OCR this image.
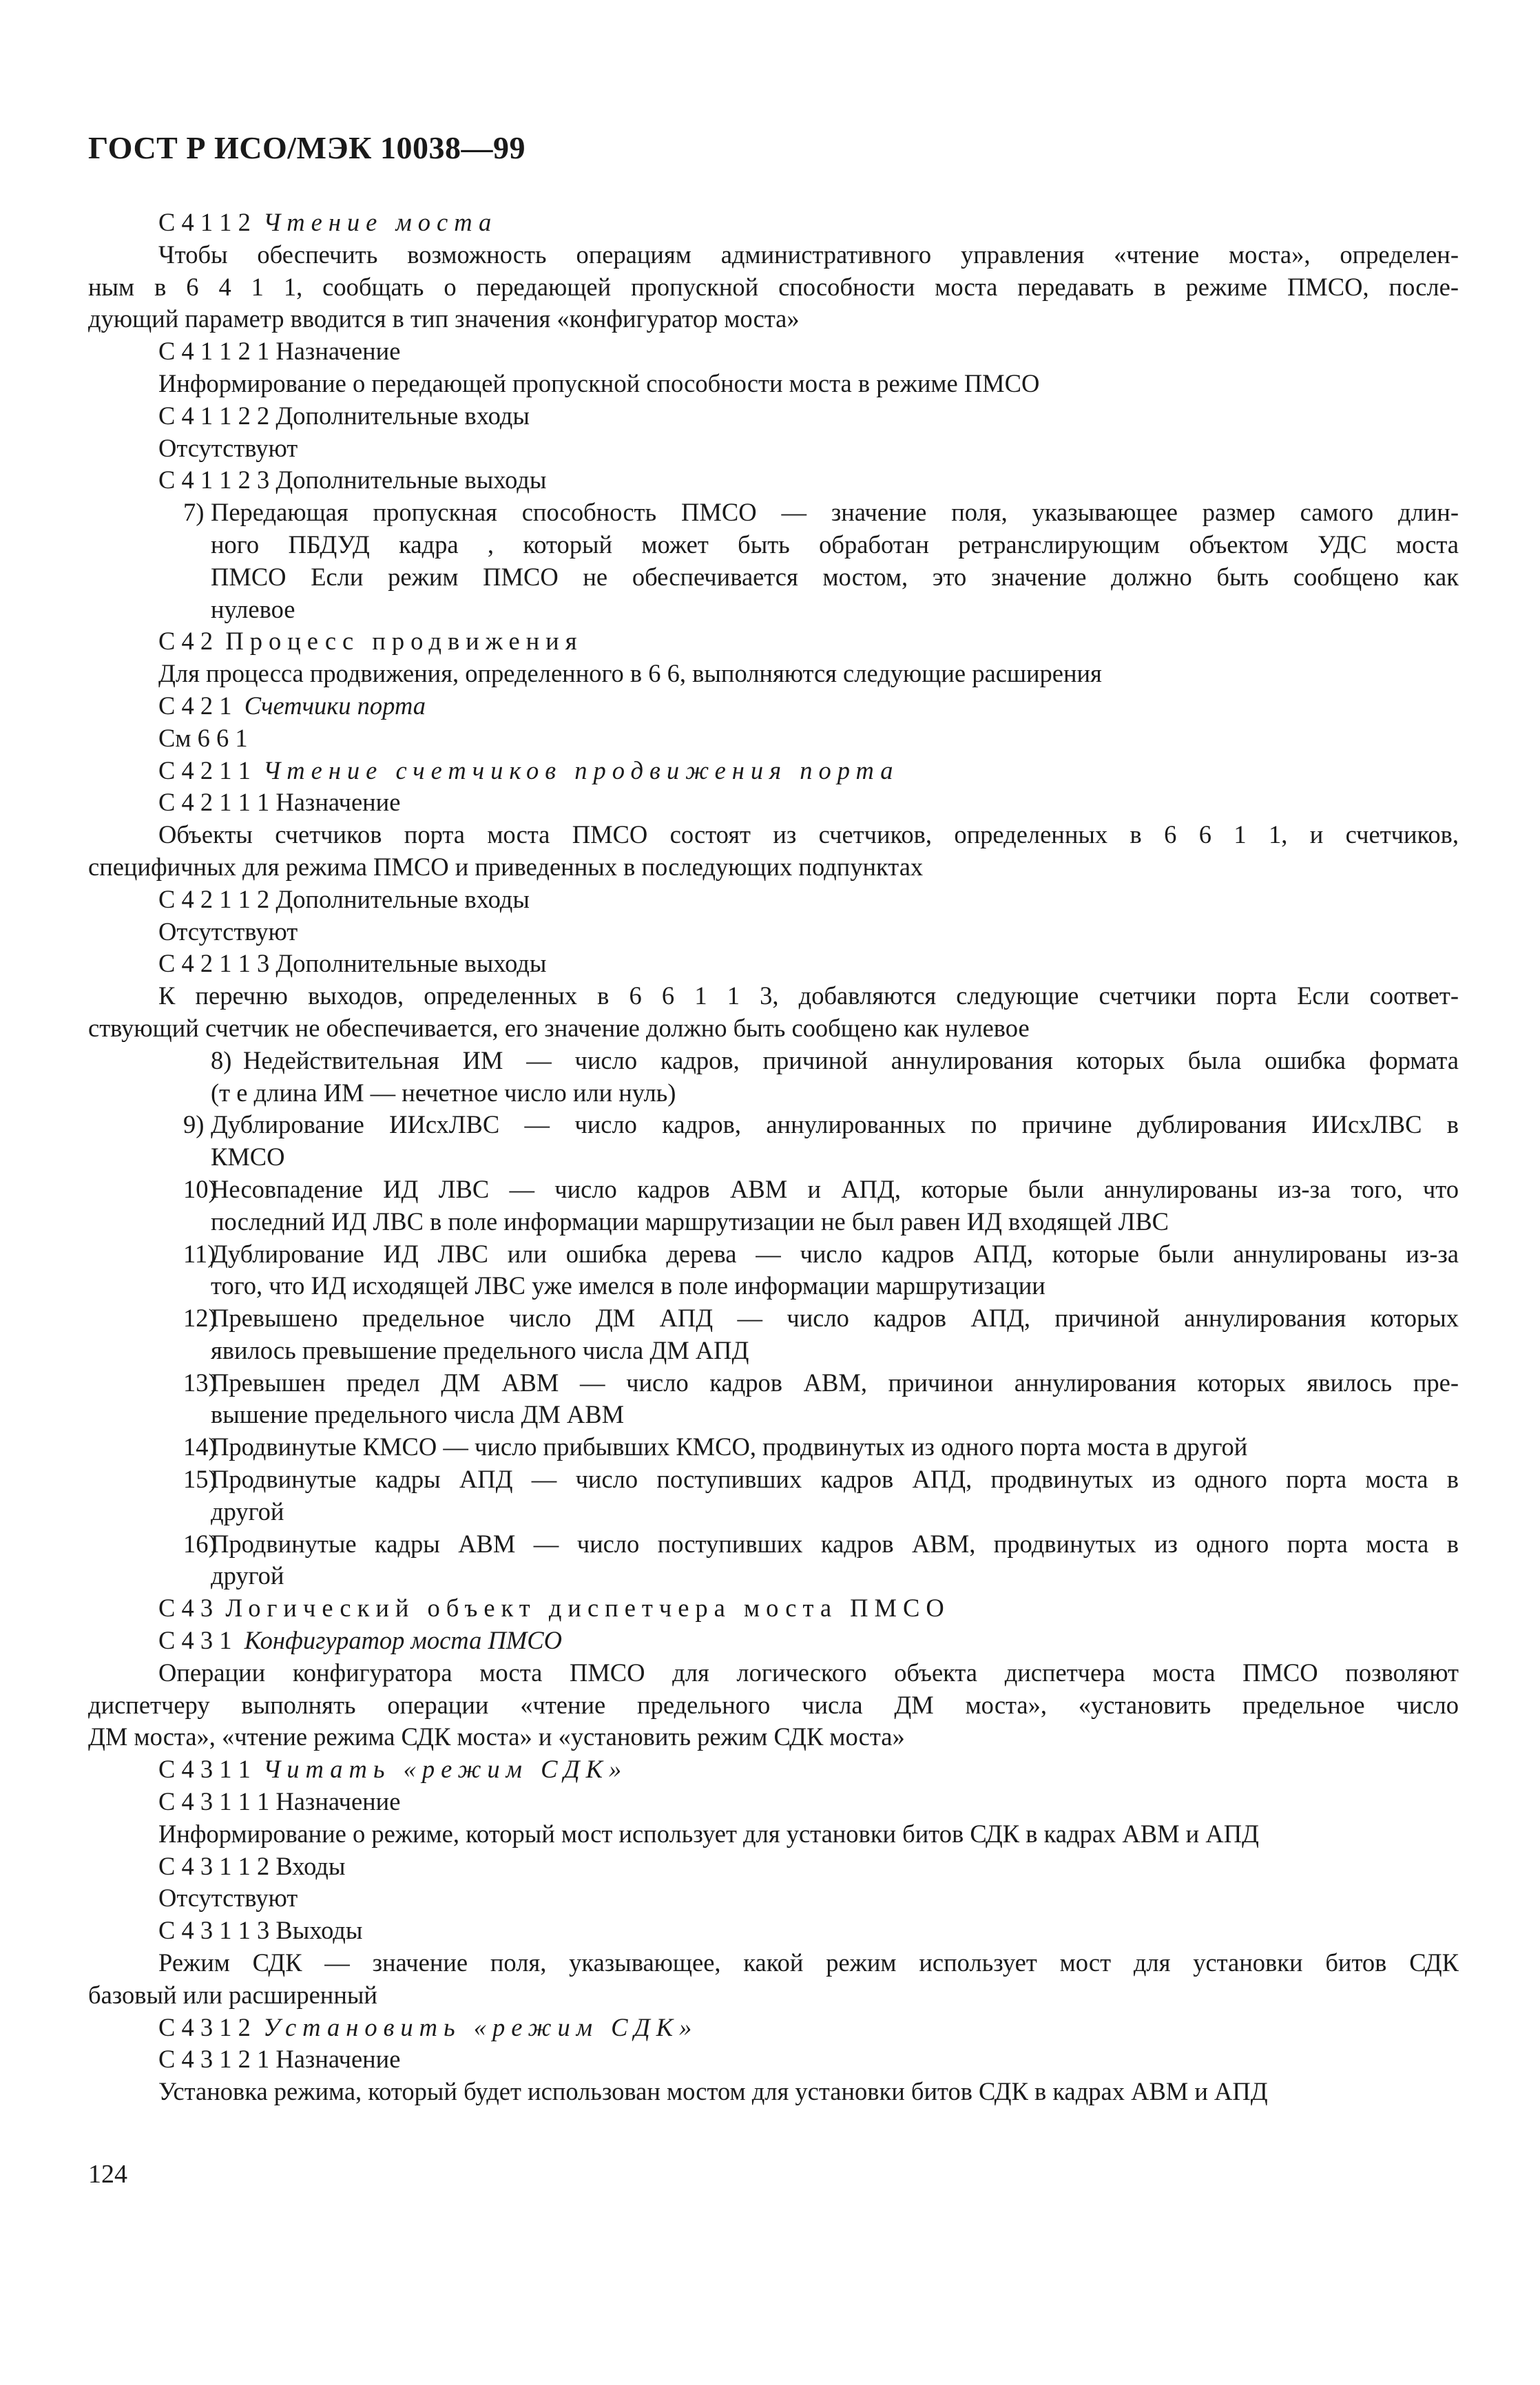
ГОСТ Р ИСО/МЭК 10038—99
С 4 1 1 2 Чтение моста
Чтобы обеспечить возможность операциям административного управления «чтение моста», определен-
ным в 6 4 1 1, сообщать о передающей пропускной способности моста передавать в режиме ПМСО, после-
дующий параметр вводится в тип значения «конфигуратор моста»
С 4 1 1 2 1 Назначение
Информирование о передающей пропускной способности моста в режиме ПМСО
С 4 1 1 2 2 Дополнительные входы
Отсутствуют
С 4 1 1 2 3 Дополнительные выходы
7) Передающая пропускная способность ПМСО — значение поля, указывающее размер самого длин-
ного ПБДУД кадра , который может быть обработан ретранслирующим объектом УДС моста
ПМСО Если режим ПМСО не обеспечивается мостом, это значение должно быть сообщено как
нулевое
С 4 2 Процесс продвижения
Для процесса продвижения, определенного в 6 6, выполняются следующие расширения
С 4 2 1 Счетчики порта
См 6 6 1
С 4 2 1 1 Чтение счетчиков продвижения порта
С 4 2 1 1 1 Назначение
Объекты счетчиков порта моста ПМСО состоят из счетчиков, определенных в 6 6 1 1, и счетчиков,
специфичных для режима ПМСО и приведенных в последующих подпунктах
С 4 2 1 1 2 Дополнительные входы
Отсутствуют
С 4 2 1 1 3 Дополнительные выходы
К перечню выходов, определенных в 6 6 1 1 3, добавляются следующие счетчики порта Если соответ-
ствующий счетчик не обеспечивается, его значение должно быть сообщено как нулевое
8) Недействительная ИМ — число кадров, причиной аннулирования которых была ошибка формата
(т е длина ИМ — нечетное число или нуль)
9) Дублирование ИИсхЛВС — число кадров, аннулированных по причине дублирования ИИсхЛВС в
КМСО
10)
Несовпадение ИД ЛВС — число кадров АВМ и АПД, которые были аннулированы из-за того, что
последний ИД ЛВС в поле информации маршрутизации не был равен ИД входящей ЛВС
11)
Дублирование ИД ЛВС или ошибка дерева — число кадров АПД, которые были аннулированы из-за
того, что ИД исходящей ЛВС уже имелся в поле информации маршрутизации
12)
Превышено предельное число ДМ АПД — число кадров АПД, причиной аннулирования которых
явилось превышение предельного числа ДМ АПД
13)
Превышен предел ДМ АВМ — число кадров АВМ, причинои аннулирования которых явилось пре-
вышение предельного числа ДМ АВМ
14)
Продвинутые КМСО — число прибывших КМСО, продвинутых из одного порта моста в другой
15)
Продвинутые кадры АПД — число поступивших кадров АПД, продвинутых из одного порта моста в
другой
16)
Продвинутые кадры АВМ — число поступивших кадров АВМ, продвинутых из одного порта моста в
другой
С 4 3 Логический объект диспетчера моста ПМСО
С 4 3 1 Конфигуратор моста ПМСО
Операции конфигуратора моста ПМСО для логического объекта диспетчера моста ПМСО позволяют
диспетчеру выполнять операции «чтение предельного числа ДМ моста», «установить предельное число
ДМ моста», «чтение режима СДК моста» и «установить режим СДК моста»
С 4 3 1 1 Читать «режим СДК»
С 4 3 1 1 1 Назначение
Информирование о режиме, который мост использует для установки битов СДК в кадрах АВМ и АПД
С 4 3 1 1 2 Входы
Отсутствуют
С 4 3 1 1 3 Выходы
Режим СДК — значение поля, указывающее, какой режим использует мост для установки битов СДК
базовый или расширенный
С 4 3 1 2 Установить «режим СДК»
С 4 3 1 2 1 Назначение
Установка режима, который будет использован мостом для установки битов СДК в кадрах АВМ и АПД
124
